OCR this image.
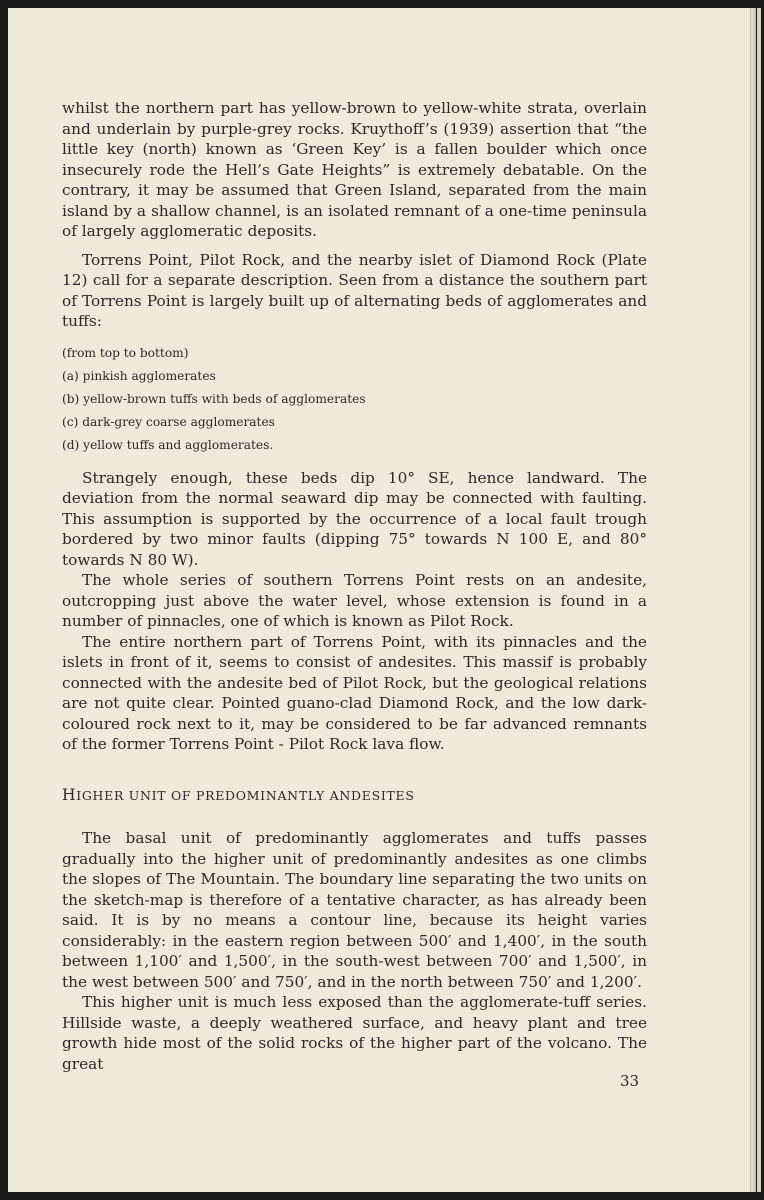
whilst the northern part has yellow-brown to yellow-white strata, overlain and underlain by purple-grey rocks. Kruythoff’s (1939) assertion that “the little key (north) known as ‘Green Key’ is a fallen boulder which once insecurely rode the Hell’s Gate Heights” is extremely debatable. On the contrary, it may be assumed that Green Island, separated from the main island by a shallow channel, is an isolated remnant of a one-time peninsula of largely agglomeratic deposits.

Torrens Point, Pilot Rock, and the nearby islet of Diamond Rock (Plate 12) call for a separate description. Seen from a distance the southern part of Torrens Point is largely built up of alternating beds of agglomerates and tuffs:

(from top to bottom)
(a) pinkish agglomerates
(b) yellow-brown tuffs with beds of agglomerates
(c) dark-grey coarse agglomerates
(d) yellow tuffs and agglomerates.

Strangely enough, these beds dip 10° SE, hence landward. The deviation from the normal seaward dip may be connected with faulting. This assumption is supported by the occurrence of a local fault trough bordered by two minor faults (dipping 75° towards N 100 E, and 80° towards N 80 W).

The whole series of southern Torrens Point rests on an andesite, outcropping just above the water level, whose extension is found in a number of pinnacles, one of which is known as Pilot Rock.

The entire northern part of Torrens Point, with its pinnacles and the islets in front of it, seems to consist of andesites. This massif is probably connected with the andesite bed of Pilot Rock, but the geological relations are not quite clear. Pointed guano-clad Diamond Rock, and the low dark-coloured rock next to it, may be considered to be far advanced remnants of the former Torrens Point - Pilot Rock lava flow.

HIGHER UNIT OF PREDOMINANTLY ANDESITES

The basal unit of predominantly agglomerates and tuffs passes gradually into the higher unit of predominantly andesites as one climbs the slopes of The Mountain. The boundary line separating the two units on the sketch-map is therefore of a tentative character, as has already been said. It is by no means a contour line, because its height varies considerably: in the eastern region between 500′ and 1,400′, in the south between 1,100′ and 1,500′, in the south-west between 700′ and 1,500′, in the west between 500′ and 750′, and in the north between 750′ and 1,200′.

This higher unit is much less exposed than the agglomerate-tuff series. Hillside waste, a deeply weathered surface, and heavy plant and tree growth hide most of the solid rocks of the higher part of the volcano. The great

33
